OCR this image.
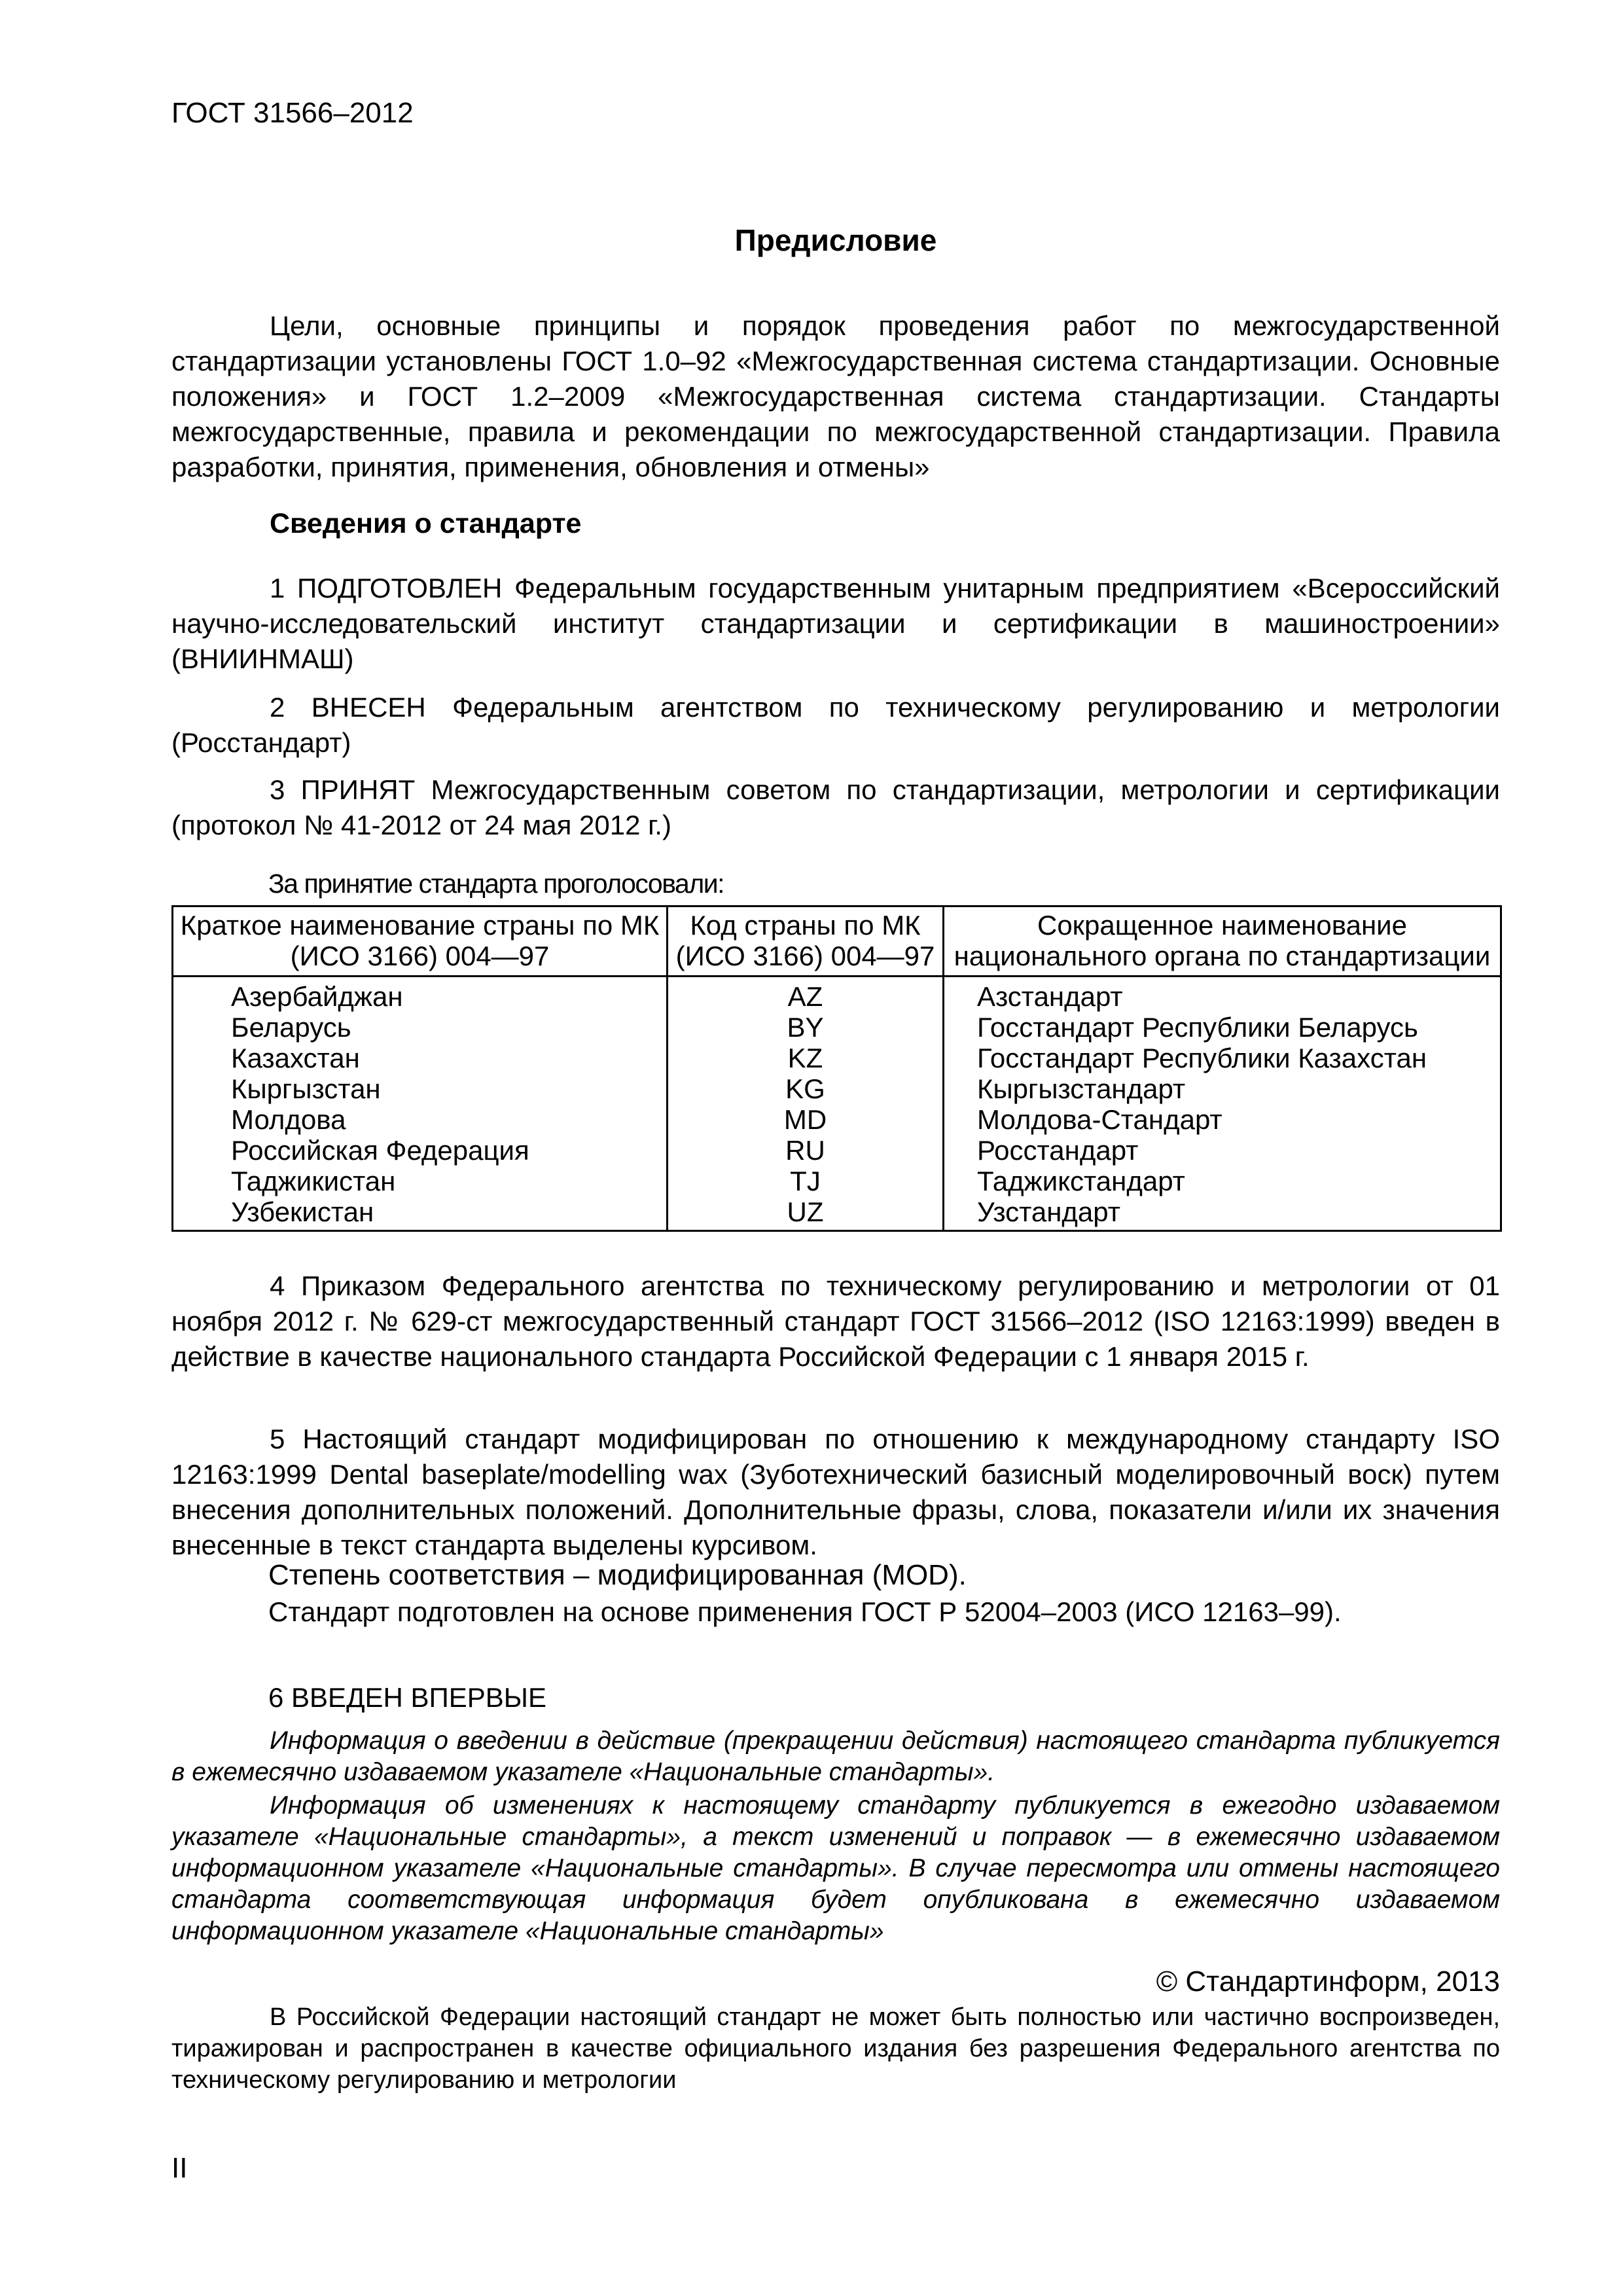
ГОСТ 31566–2012
Предисловие
Цели, основные принципы и порядок проведения работ по межгосударственной стандартизации установлены ГОСТ 1.0–92 «Межгосударственная система стандартизации. Основные положения» и ГОСТ 1.2–2009 «Межгосударственная система стандартизации. Стандарты межгосударственные, правила и рекомендации по межгосударственной стандартизации. Правила разработки, принятия, применения, обновления и отмены»
Сведения о стандарте
1 ПОДГОТОВЛЕН Федеральным государственным унитарным предприятием «Всероссийский научно-исследовательский институт стандартизации и сертификации в машиностроении» (ВНИИНМАШ)
2 ВНЕСЕН Федеральным агентством по техническому регулированию и метрологии (Росстандарт)
3 ПРИНЯТ Межгосударственным советом по стандартизации, метрологии и сертификации (протокол № 41-2012 от 24 мая 2012 г.)
За принятие стандарта проголосовали:
Краткое наименование страны по МК (ИСО 3166) 004—97	Код страны по МК (ИСО 3166) 004—97	Сокращенное наименование национального органа по стандартизации
Азербайджан	AZ	Азстандарт
Беларусь	BY	Госстандарт Республики Беларусь
Казахстан	KZ	Госстандарт Республики Казахстан
Кыргызстан	KG	Кыргызстандарт
Молдова	MD	Молдова-Стандарт
Российская Федерация	RU	Росстандарт
Таджикистан	TJ	Таджикстандарт
Узбекистан	UZ	Узстандарт
4 Приказом Федерального агентства по техническому регулированию и метрологии от 01 ноября 2012 г. № 629-ст межгосударственный стандарт ГОСТ 31566–2012 (ISO 12163:1999) введен в действие в качестве национального стандарта Российской Федерации с 1 января 2015 г.
5 Настоящий стандарт модифицирован по отношению к международному стандарту ISO 12163:1999 Dental baseplate/modelling wax (Зуботехнический базисный моделировочный воск) путем внесения дополнительных положений. Дополнительные фразы, слова, показатели и/или их значения внесенные в текст стандарта выделены курсивом.
Степень соответствия – модифицированная (MOD).
Стандарт подготовлен на основе применения ГОСТ Р 52004–2003 (ИСО 12163–99).
6 ВВЕДЕН ВПЕРВЫЕ
Информация о введении в действие (прекращении действия) настоящего стандарта публикуется в ежемесячно издаваемом указателе «Национальные стандарты».
Информация об изменениях к настоящему стандарту публикуется в ежегодно издаваемом указателе «Национальные стандарты», а текст изменений и поправок — в ежемесячно издаваемом информационном указателе «Национальные стандарты». В случае пересмотра или отмены настоящего стандарта соответствующая информация будет опубликована в ежемесячно издаваемом информационном указателе «Национальные стандарты»
© Стандартинформ, 2013
В Российской Федерации настоящий стандарт не может быть полностью или частично воспроизведен, тиражирован и распространен в качестве официального издания без разрешения Федерального агентства по техническому регулированию и метрологии
II
